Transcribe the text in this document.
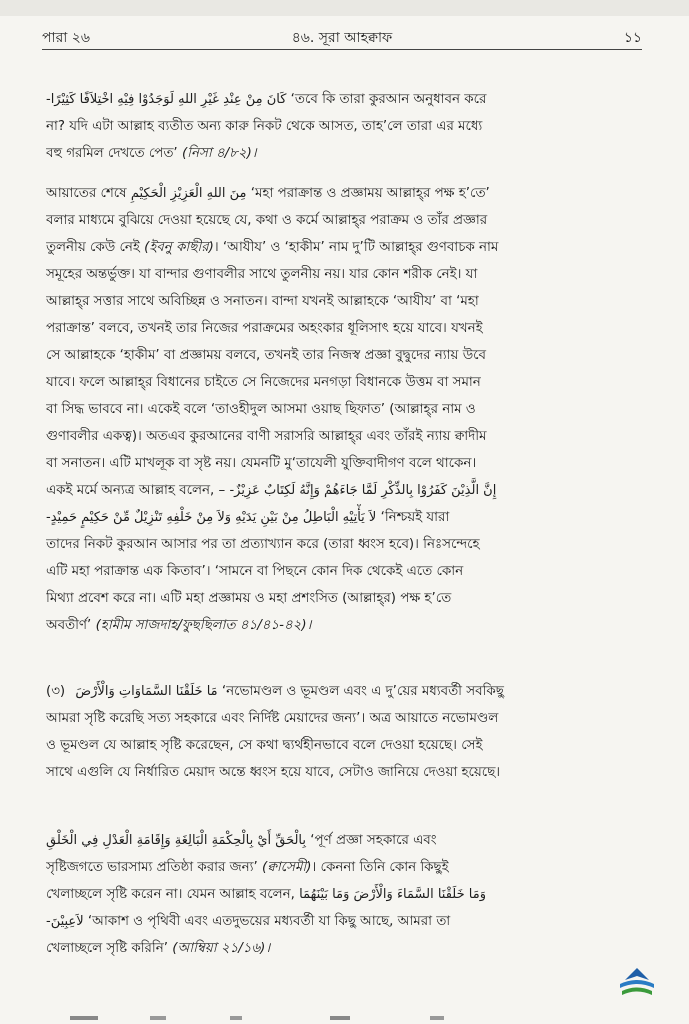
পারা ২৬	৪৬. সূরা আহক্বাফ	১১
كَانَ مِنْ عِنْدِ غَيْرِ اللهِ لَوَجَدُوْا فِيْهِ اخْتِلاَفًا كَثِيْرًا- ‘তবে কি তারা কুরআন অনুধাবন করে
না? যদি এটা আল্লাহ ব্যতীত অন্য কারু নিকট থেকে আসত, তাহ’লে তারা এর মধ্যে
বহু গরমিল দেখতে পেত’ (নিসা ৪/৮২)।
আয়াতের শেষে مِنَ اللهِ الْعَزِيْزِ الْحَكِيْمِ ‘মহা পরাক্রান্ত ও প্রজ্ঞাময় আল্লাহ্‌র পক্ষ হ’তে’
বলার মাধ্যমে বুঝিয়ে দেওয়া হয়েছে যে, কথা ও কর্মে আল্লাহ্‌র পরাক্রম ও তাঁর প্রজ্ঞার
তুলনীয় কেউ নেই (ইবনু কাছীর)। ‘আযীয’ ও ‘হাকীম’ নাম দু’টি আল্লাহ্‌র গুণবাচক নাম
সমূহের অন্তর্ভুক্ত। যা বান্দার গুণাবলীর সাথে তুলনীয় নয়। যার কোন শরীক নেই। যা
আল্লাহ্‌র সত্তার সাথে অবিচ্ছিন্ন ও সনাতন। বান্দা যখনই আল্লাহকে ‘আযীয’ বা ‘মহা
পরাক্রান্ত’ বলবে, তখনই তার নিজের পরাক্রমের অহংকার ধূলিসাৎ হয়ে যাবে। যখনই
সে আল্লাহকে ‘হাকীম’ বা প্রজ্ঞাময় বলবে, তখনই তার নিজস্ব প্রজ্ঞা বুদ্বুদের ন্যায় উবে
যাবে। ফলে আল্লাহ্‌র বিধানের চাইতে সে নিজেদের মনগড়া বিধানকে উত্তম বা সমান
বা সিদ্ধ ভাববে না। একেই বলে ‘তাওহীদুল আসমা ওয়াছ ছিফাত’ (আল্লাহ্‌র নাম ও
গুণাবলীর একত্ব)। অতএব কুরআনের বাণী সরাসরি আল্লাহ্‌র এবং তাঁরই ন্যায় ক্বাদীম
বা সনাতন। এটি মাখলূক বা সৃষ্ট নয়। যেমনটি মু‘তাযেলী যুক্তিবাদীগণ বলে থাকেন।
একই মর্মে অন্যত্র আল্লাহ বলেন, – إِنَّ الَّذِيْنَ كَفَرُوْا بِالذِّكْرِ لَمَّا جَاءَهُمْ وَإِنَّهُ لَكِتَابٌ عَزِيْزٌ-
لاَ يَأْتِيْهِ الْبَاطِلُ مِنْ بَيْنِ يَدَيْهِ وَلاَ مِنْ خَلْفِهِ تَنْزِيْلٌ مِّنْ حَكِيْمٍ حَمِيْدٍ- ‘নিশ্চয়ই যারা
তাদের নিকট কুরআন আসার পর তা প্রত্যাখ্যান করে (তারা ধ্বংস হবে)। নিঃসন্দেহে
এটি মহা পরাক্রান্ত এক কিতাব’। ‘সামনে বা পিছনে কোন দিক থেকেই এতে কোন
মিথ্যা প্রবেশ করে না। এটি মহা প্রজ্ঞাময় ও মহা প্রশংসিত (আল্লাহ্‌র) পক্ষ হ’তে
অবতীর্ণ’ (হামীম সাজদাহ/ফুছছিলাত ৪১/৪১-৪২)।
(৩) مَا خَلَقْنَا السَّمَاوَاتِ وَالْأَرْضَ ‘নভোমণ্ডল ও ভূমণ্ডল এবং এ দু’য়ের মধ্যবর্তী সবকিছু
আমরা সৃষ্টি করেছি সত্য সহকারে এবং নির্দিষ্ট মেয়াদের জন্য’। অত্র আয়াতে নভোমণ্ডল
ও ভূমণ্ডল যে আল্লাহ সৃষ্টি করেছেন, সে কথা দ্ব্যর্থহীনভাবে বলে দেওয়া হয়েছে। সেই
সাথে এগুলি যে নির্ধারিত মেয়াদ অন্তে ধ্বংস হয়ে যাবে, সেটাও জানিয়ে দেওয়া হয়েছে।
بِالْحَقِّ أَيْ بِالْحِكْمَةِ الْبَالِغَةِ وَإِقَامَةِ الْعَدْلِ فِي الْخَلْقِ ‘পূর্ণ প্রজ্ঞা সহকারে এবং
সৃষ্টিজগতে ভারসাম্য প্রতিষ্ঠা করার জন্য’ (ক্বাসেমী)। কেননা তিনি কোন কিছুই
খেলাচ্ছলে সৃষ্টি করেন না। যেমন আল্লাহ বলেন, وَمَا خَلَقْنَا السَّمَاءَ وَالْأَرْضَ وَمَا بَيْنَهُمَا
لاَعِبِيْنَ- ‘আকাশ ও পৃথিবী এবং এতদুভয়ের মধ্যবর্তী যা কিছু আছে, আমরা তা
খেলাচ্ছলে সৃষ্টি করিনি’ (আম্বিয়া ২১/১৬)।
